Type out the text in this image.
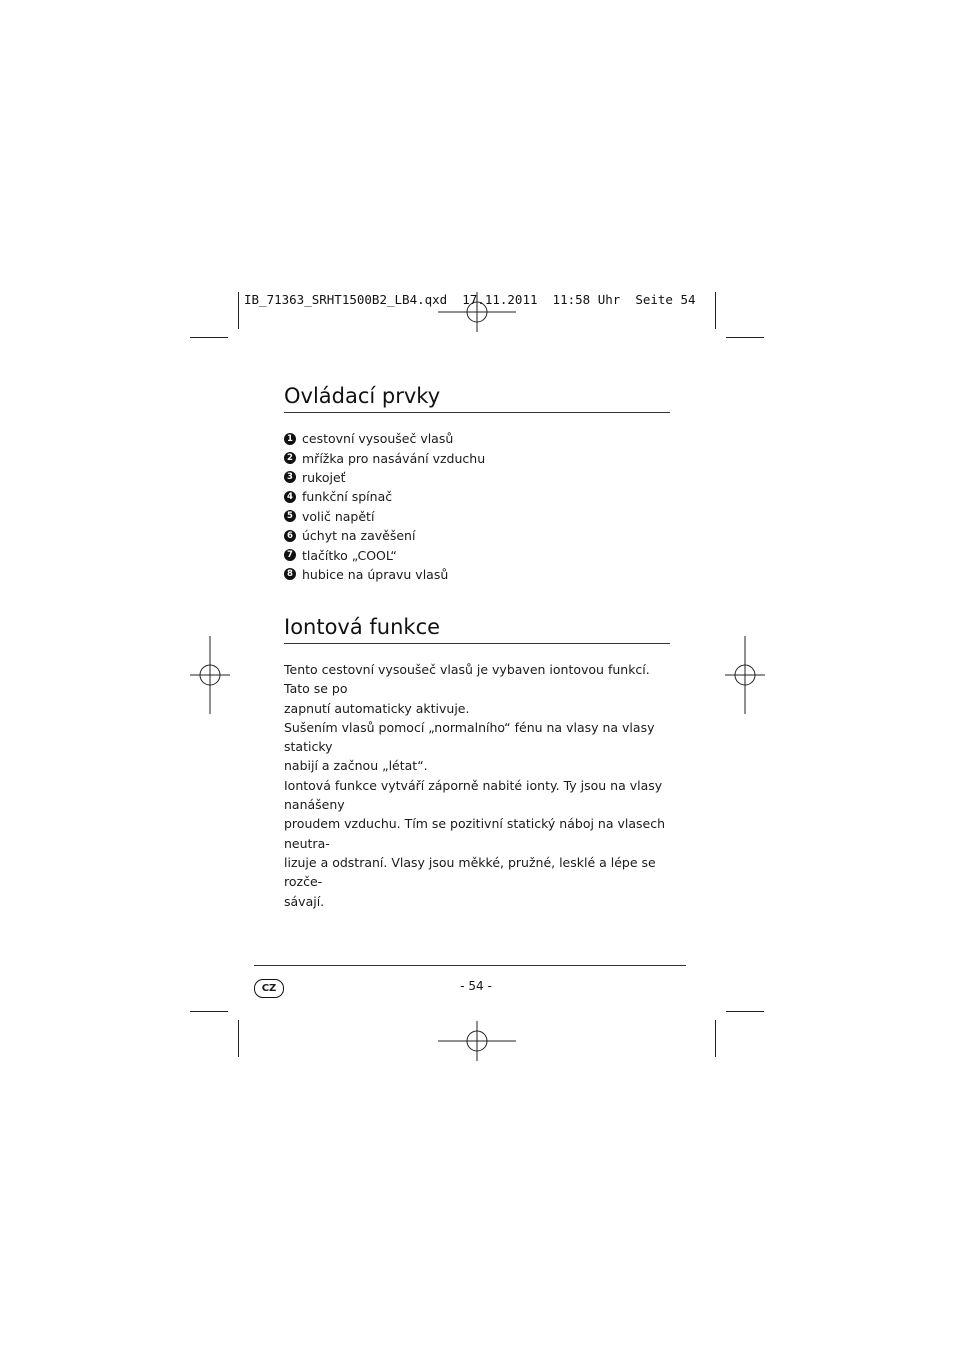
IB_71363_SRHT1500B2_LB4.qxd  17.11.2011  11:58 Uhr  Seite 54
Ovládací prvky
1 cestovní vysoušeč vlasů
2 mřížka pro nasávání vzduchu
3 rukojeť
4 funkční spínač
5 volič napětí
6 úchyt na zavěšení
7 tlačítko „COOL“
8 hubice na úpravu vlasů
Iontová funkce

Tento cestovní vysoušeč vlasů je vybaven iontovou funkcí. Tato se po

zapnutí automaticky aktivuje.

Sušením vlasů pomocí „normalního“ fénu na vlasy na vlasy staticky

nabijí a začnou „létat“.

Iontová funkce vytváří záporně nabité ionty. Ty jsou na vlasy nanášeny

proudem vzduchu. Tím se pozitivní statický náboj na vlasech neutra-

lizuje a odstraní. Vlasy jsou měkké, pružné, lesklé a lépe se rozče-

sávají.

CZ	- 54 -
